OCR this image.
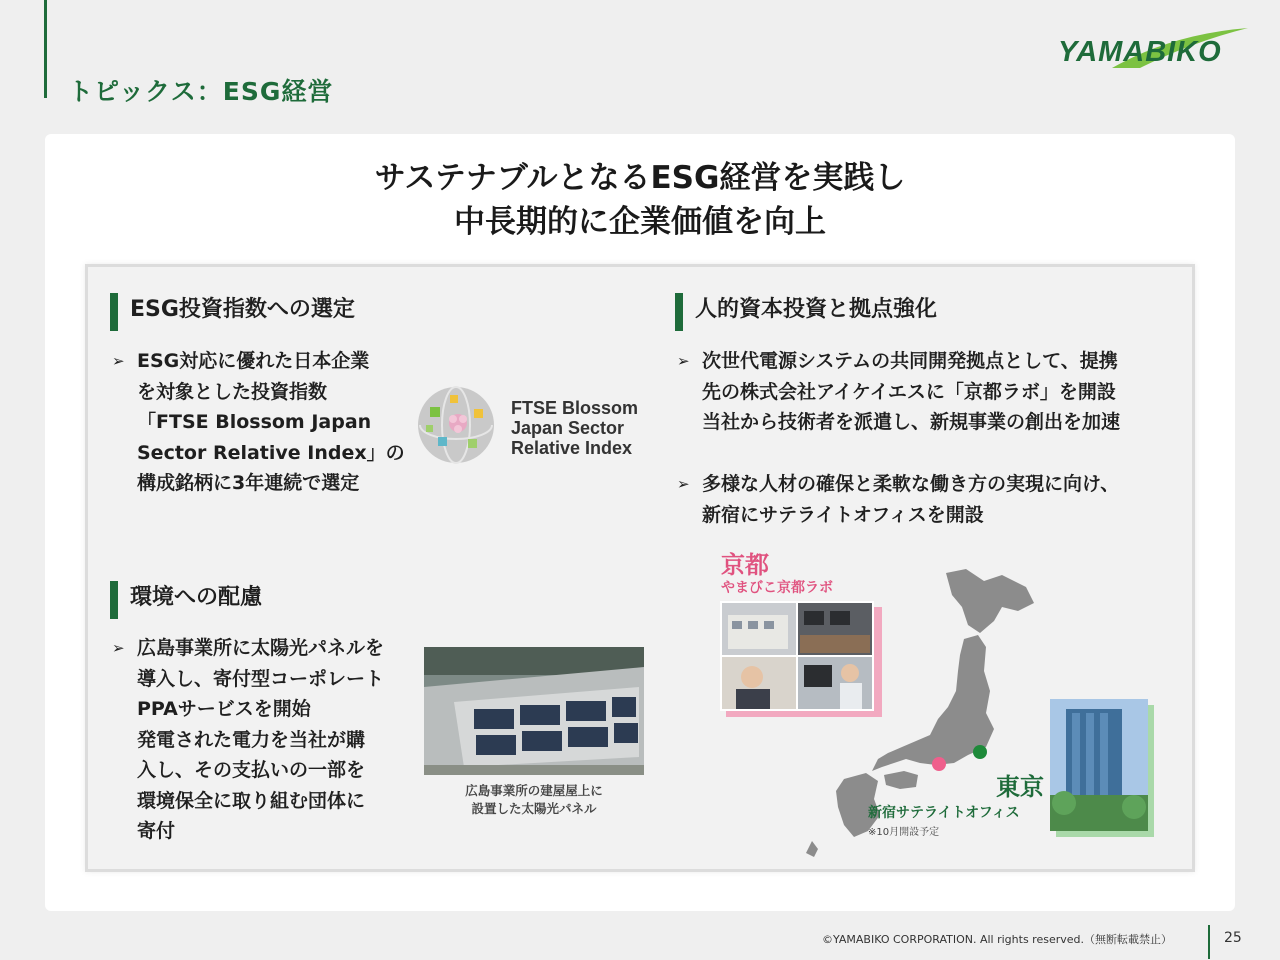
トピックス：ESG経営
YAMABIKO
サステナブルとなるESG経営を実践し
中長期的に企業価値を向上
ESG投資指数への選定
➢ ESG対応に優れた日本企業

を対象とした投資指数

「FTSE Blossom Japan

Sector Relative Index」の

構成銘柄に3年連続で選定

FTSE Blossom
Japan Sector
Relative Index
環境への配慮
➢ 広島事業所に太陽光パネルを

導入し、寄付型コーポレート

PPAサービスを開始

発電された電力を当社が購

入し、その支払いの一部を

環境保全に取り組む団体に

寄付

広島事業所の建屋屋上に
設置した太陽光パネル
人的資本投資と拠点強化
➢ 次世代電源システムの共同開発拠点として、提携

先の株式会社アイケイエスに「京都ラボ」を開設

当社から技術者を派遣し、新規事業の創出を加速

➢ 多様な人材の確保と柔軟な働き方の実現に向け、

新宿にサテライトオフィスを開設

京都
やまびこ京都ラボ
東京
新宿サテライトオフィス
※10月開設予定
©YAMABIKO CORPORATION. All rights reserved.（無断転載禁止）	25
